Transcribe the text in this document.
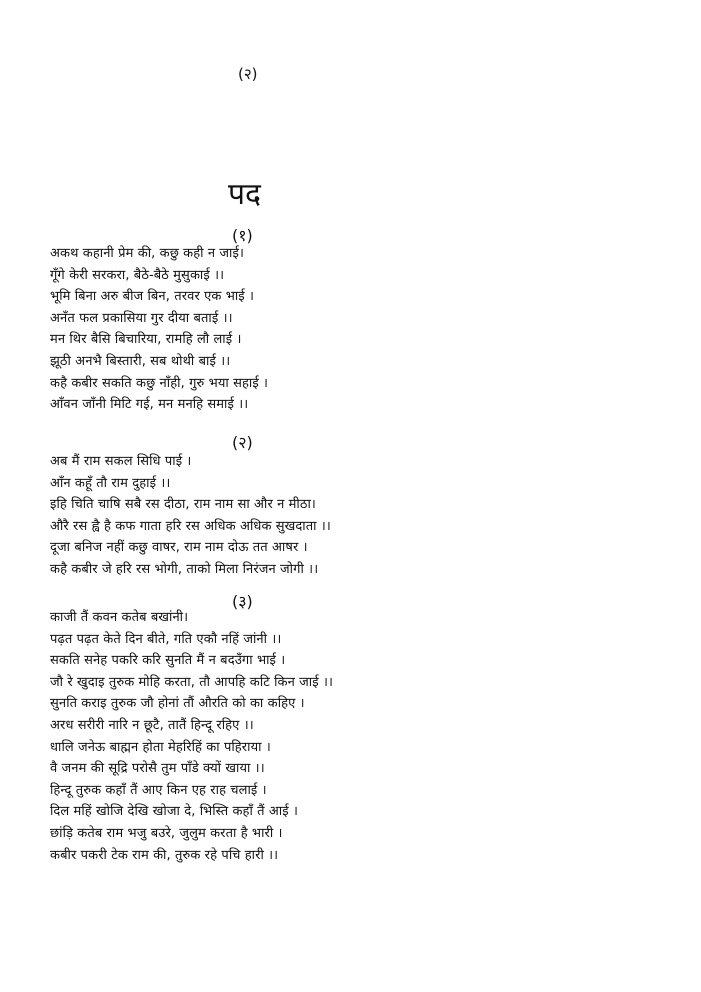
(२)
पद
(१)
अकथ कहानी प्रेम की, कछु कही न जाई।
गूँगे केरी सरकरा, बैठे-बैठे मुसुकाई ।।
भूमि बिना अरु बीज बिन, तरवर एक भाई ।
अनँत फल प्रकासिया गुर दीया बताई ।।
मन थिर बैसि बिचारिया, रामहि लौ लाई ।
झूठी अनभै बिस्तारी, सब थोथी बाई ।।
कहै कबीर सकति कछु नाँही, गुरु भया सहाई ।
आँवन जाँनी मिटि गई, मन मनहि समाई ।।
(२)
अब मैं राम सकल सिधि पाई ।
आँन कहूँ तौ राम दुहाई ।।
इहि चिति चाषि सबै रस दीठा, राम नाम सा और न मीठा।
औरै रस ह्वै है कफ गाता हरि रस अधिक अधिक सुखदाता ।।
दूजा बनिज नहीं कछु वाषर, राम नाम दोऊ तत आषर ।
कहै कबीर जे हरि रस भोगी, ताको मिला निरंजन जोगी ।।
(३)
काजी तैं कवन कतेब बखांनी।
पढ़त पढ़त केते दिन बीते, गति एकौ नहिं जांनी ।।
सकति सनेह पकरि करि सुनति मैं न बदउँगा भाई ।
जौ रे खुदाइ तुरुक मोहि करता, तौ आपहि कटि किन जाई ।।
सुनति कराइ तुरुक जौ होनां तौं औरति को का कहिए ।
अरध सरीरी नारि न छूटै, तातैं हिन्दू रहिए ।।
धालि जनेऊ बाह्मन होता मेहरिहिं का पहिराया ।
वै जनम की सूद्रि परोसै तुम पाँडे क्यों खाया ।।
हिन्दू तुरुक कहाँ तैं आए किन एह राह चलाई ।
दिल महिं खोजि देखि खोजा दे, भिस्ति कहाँ तैं आई ।
छांड़ि कतेब राम भजु बउरे, जुलुम करता है भारी ।
कबीर पकरी टेक राम की, तुरुक रहे पचि हारी ।।
